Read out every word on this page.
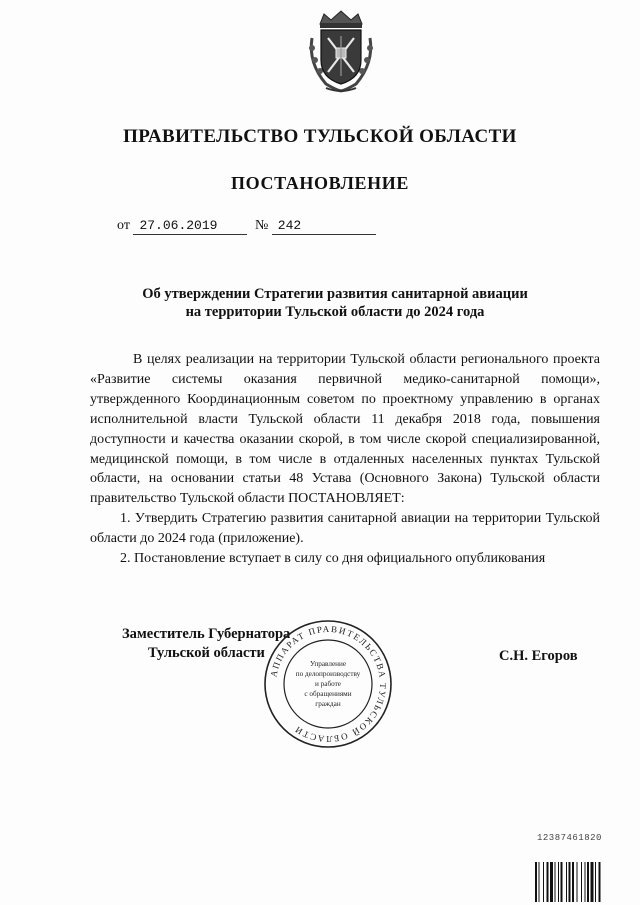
ПРАВИТЕЛЬСТВО ТУЛЬСКОЙ ОБЛАСТИ
ПОСТАНОВЛЕНИЕ
от 27.06.2019	№ 242
Об утверждении Стратегии развития санитарной авиации
на территории Тульской области до 2024 года

В целях реализации на территории Тульской области регионального проекта «Развитие системы оказания первичной медико-санитарной помощи», утвержденного Координационным советом по проектному управлению в органах исполнительной власти Тульской области 11 декабря 2018 года, повышения доступности и качества оказании скорой, в том числе скорой специализированной, медицинской помощи, в том числе в отдаленных населенных пунктах Тульской области, на основании статьи 48 Устава (Основного Закона) Тульской области правительство Тульской области ПОСТАНОВЛЯЕТ:

1. Утвердить Стратегию развития санитарной авиации на территории Тульской области до 2024 года (приложение).

2. Постановление вступает в силу со дня официального опубликования

Заместитель Губернатора
Тульской области	С.Н. Егоров
АППАРАТ ПРАВИТЕЛЬСТВА ТУЛЬСКОЙ ОБЛАСТИ
Управление
по делопроизводству
и работе
с обращениями
граждан
12387461820
